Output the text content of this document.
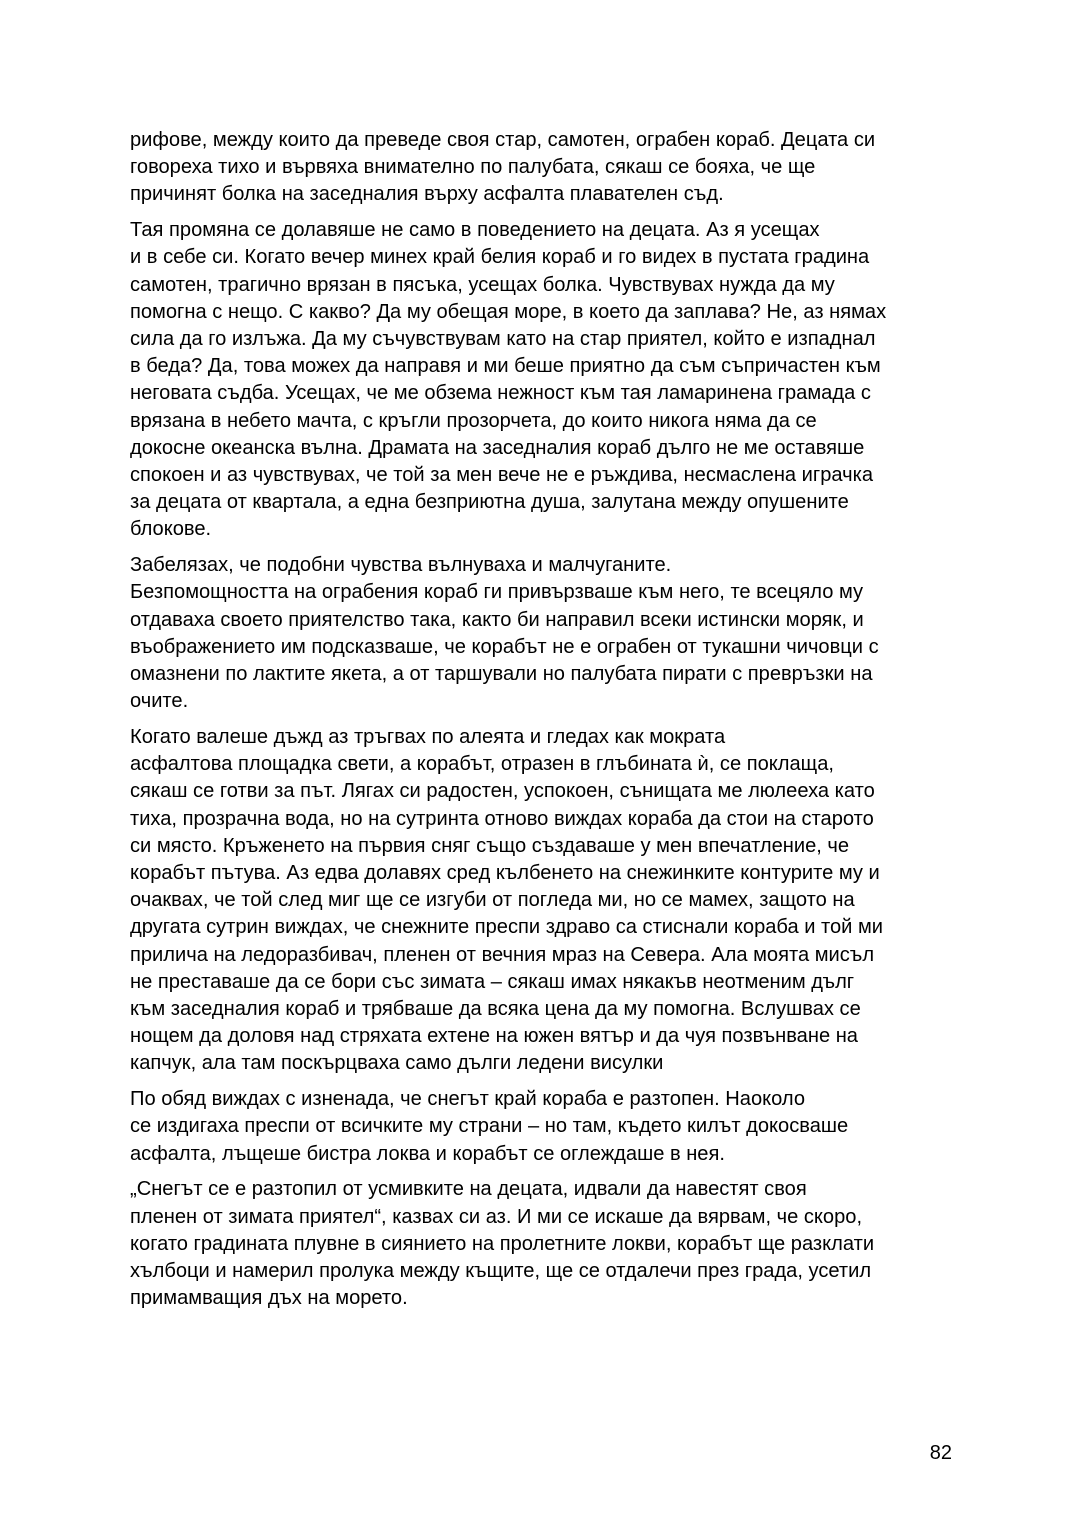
рифове, между които да преведе своя стар, самотен, ограбен кораб. Децата си
говореха тихо и вървяха внимателно по палубата, сякаш се бояха, че ще
причинят болка на заседналия върху асфалта плавателен съд.

Тая промяна се долавяше не само в поведението на децата. Аз я усещах
и в себе си. Когато вечер минех край белия кораб и го видех в пустата градина
самотен, трагично врязан в пясъка, усещах болка. Чувствувах нужда да му
помогна с нещо. С какво? Да му обещая море, в което да заплава? Не, аз нямах
сила да го излъжа. Да му съчувствувам като на стар приятел, който е изпаднал
в беда? Да, това можех да направя и ми беше приятно да съм съпричастен към
неговата съдба. Усещах, че ме обзема нежност към тая ламаринена грамада с
врязана в небето мачта, с кръгли прозорчета, до които никога няма да се
докосне океанска вълна. Драмата на заседналия кораб дълго не ме оставяше
спокоен и аз чувствувах, че той за мен вече не е ръждива, несмаслена играчка
за децата от квартала, а една безприютна душа, залутана между опушените
блокове.

Забелязах, че подобни чувства вълнуваха и малчуганите.
Безпомощността на ограбения кораб ги привързваше към него, те всецяло му
отдаваха своето приятелство така, както би направил всеки истински моряк, и
въображението им подсказваше, че корабът не е ограбен от тукашни чичовци с
омазнени по лактите якета, а от таршували но палубата пирати с превръзки на
очите.

Когато валеше дъжд аз тръгвах по алеята и гледах как мократа
асфалтова площадка свети, а корабът, отразен в глъбината ѝ, се поклаща,
сякаш се готви за път. Лягах си радостен, успокоен, сънищата ме люлееха като
тиха, прозрачна вода, но на сутринта отново виждах кораба да стои на старото
си място. Кръженето на първия сняг също създаваше у мен впечатление, че
корабът пътува. Аз едва долавях сред кълбенето на снежинките контурите му и
очаквах, че той след миг ще се изгуби от погледа ми, но се мамех, защото на
другата сутрин виждах, че снежните преспи здраво са стиснали кораба и той ми
прилича на ледоразбивач, пленен от вечния мраз на Севера. Ала моята мисъл
не преставаше да се бори със зимата – сякаш имах някакъв неотменим дълг
към заседналия кораб и трябваше да всяка цена да му помогна. Вслушвах се
нощем да доловя над стряхата ехтене на южен вятър и да чуя позвънване на
капчук, ала там поскърцваха само дълги ледени висулки

По обяд виждах с изненада, че снегът край кораба е разтопен. Наоколо
се издигаха преспи от всичките му страни – но там, където килът докосваше
асфалта, лъщеше бистра локва и корабът се оглеждаше в нея.

„Снегът се е разтопил от усмивките на децата, идвали да навестят своя
пленен от зимата приятел“, казвах си аз. И ми се искаше да вярвам, че скоро,
когато градината плувне в сиянието на пролетните локви, корабът ще разклати
хълбоци и намерил пролука между къщите, ще се отдалечи през града, усетил
примамващия дъх на морето.

82
